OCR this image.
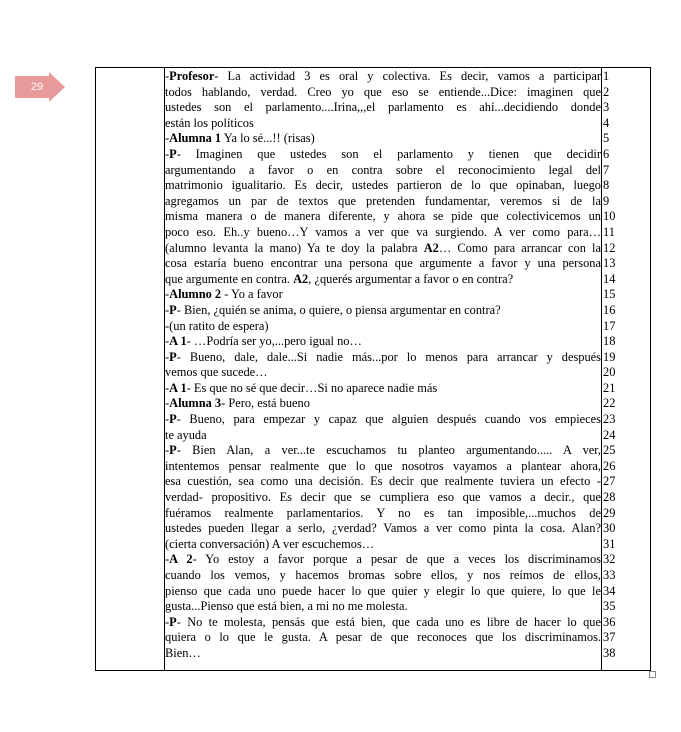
29
-Profesor- La actividad 3 es oral y colectiva. Es decir, vamos a participar
todos hablando, verdad. Creo yo que eso se entiende...Dice: imaginen que
ustedes son el parlamento....Irina,,,el parlamento es ahí...decidiendo donde
están los políticos
-Alumna 1 Ya lo sé...!! (risas)
-P- Imaginen que ustedes son el parlamento y tienen que decidir
argumentando a favor o en contra sobre el reconocimiento legal del
matrimonio igualitario. Es decir, ustedes partieron de lo que opinaban, luego
agregamos un par de textos que pretenden fundamentar, veremos si de la
misma manera o de manera diferente, y ahora se pide que colectivicemos un
poco eso. Eh..y bueno…Y vamos a ver que va surgiendo. A ver como para…
(alumno levanta la mano) Ya te doy la palabra A2… Como para arrancar con la
cosa estaría bueno encontrar una persona que argumente a favor y una persona
que argumente en contra. A2, ¿querés argumentar a favor o en contra?
-Alumno 2 - Yo a favor
-P- Bien, ¿quién se anima, o quiere, o piensa argumentar en contra?
-(un ratito de espera)
-A 1- …Podría ser yo,...pero igual no…
-P- Bueno, dale, dale...Si nadie más...por lo menos para arrancar y después
vemos que sucede…
-A 1- Es que no sé que decir…Si no aparece nadie más
-Alumna 3- Pero, está bueno
-P- Bueno, para empezar y capaz que alguien después cuando vos empieces
te ayuda
-P- Bien Alan, a ver...te escuchamos tu planteo argumentando..... A ver,
intentemos pensar realmente que lo que nosotros vayamos a plantear ahora,
esa cuestión, sea como una decisión. Es decir que realmente tuviera un efecto -
verdad- propositivo. Es decir que se cumpliera eso que vamos a decir., que
fuéramos realmente parlamentarios. Y no es tan imposible,...muchos de
ustedes pueden llegar a serlo, ¿verdad? Vamos a ver como pinta la cosa. Alan?
(cierta conversación) A ver escuchemos…
-A 2- Yo estoy a favor porque a pesar de que a veces los discriminamos
cuando los vemos, y hacemos bromas sobre ellos, y nos reímos de ellos,
pienso que cada uno puede hacer lo que quier y elegir lo que quiere, lo que le
gusta...Pienso que está bien, a mi no me molesta.
-P- No te molesta, pensás que está bien, que cada uno es libre de hacer lo que
quiera o lo que le gusta. A pesar de que reconoces que los discriminamos.
Bien…
1
2
3
4
5
6
7
8
9
10
11
12
13
14
15
16
17
18
19
20
21
22
23
24
25
26
27
28
29
30
31
32
33
34
35
36
37
38
